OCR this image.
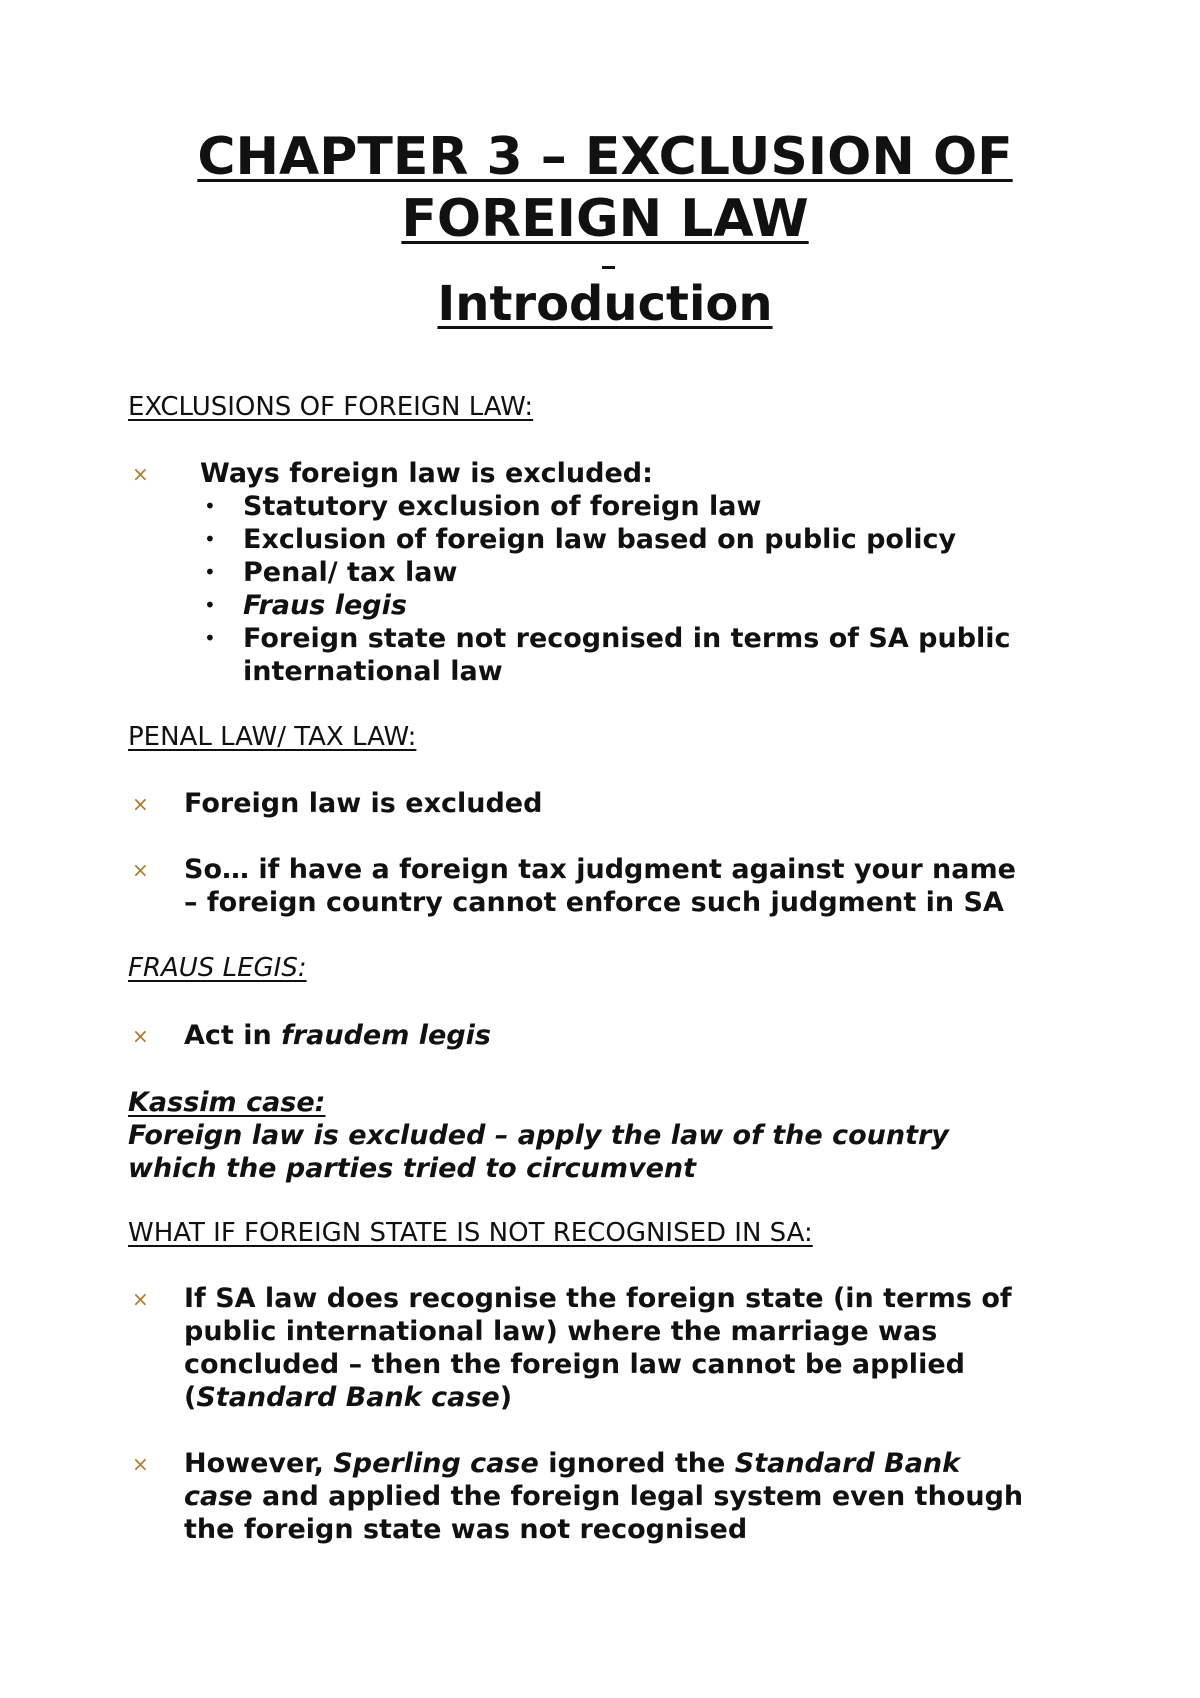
CHAPTER 3 – EXCLUSION OF
FOREIGN LAW
Introduction
EXCLUSIONS OF FOREIGN LAW:
× Ways foreign law is excluded:
• Statutory exclusion of foreign law
• Exclusion of foreign law based on public policy
• Penal/ tax law
• Fraus legis
• Foreign state not recognised in terms of SA public
international law
PENAL LAW/ TAX LAW:
× Foreign law is excluded
× So… if have a foreign tax judgment against your name
– foreign country cannot enforce such judgment in SA
FRAUS LEGIS:
× Act in fraudem legis
Kassim case:
Foreign law is excluded – apply the law of the country
which the parties tried to circumvent
WHAT IF FOREIGN STATE IS NOT RECOGNISED IN SA:
× If SA law does recognise the foreign state (in terms of
public international law) where the marriage was
concluded – then the foreign law cannot be applied
(Standard Bank case)
× However, Sperling case ignored the Standard Bank
case and applied the foreign legal system even though
the foreign state was not recognised
